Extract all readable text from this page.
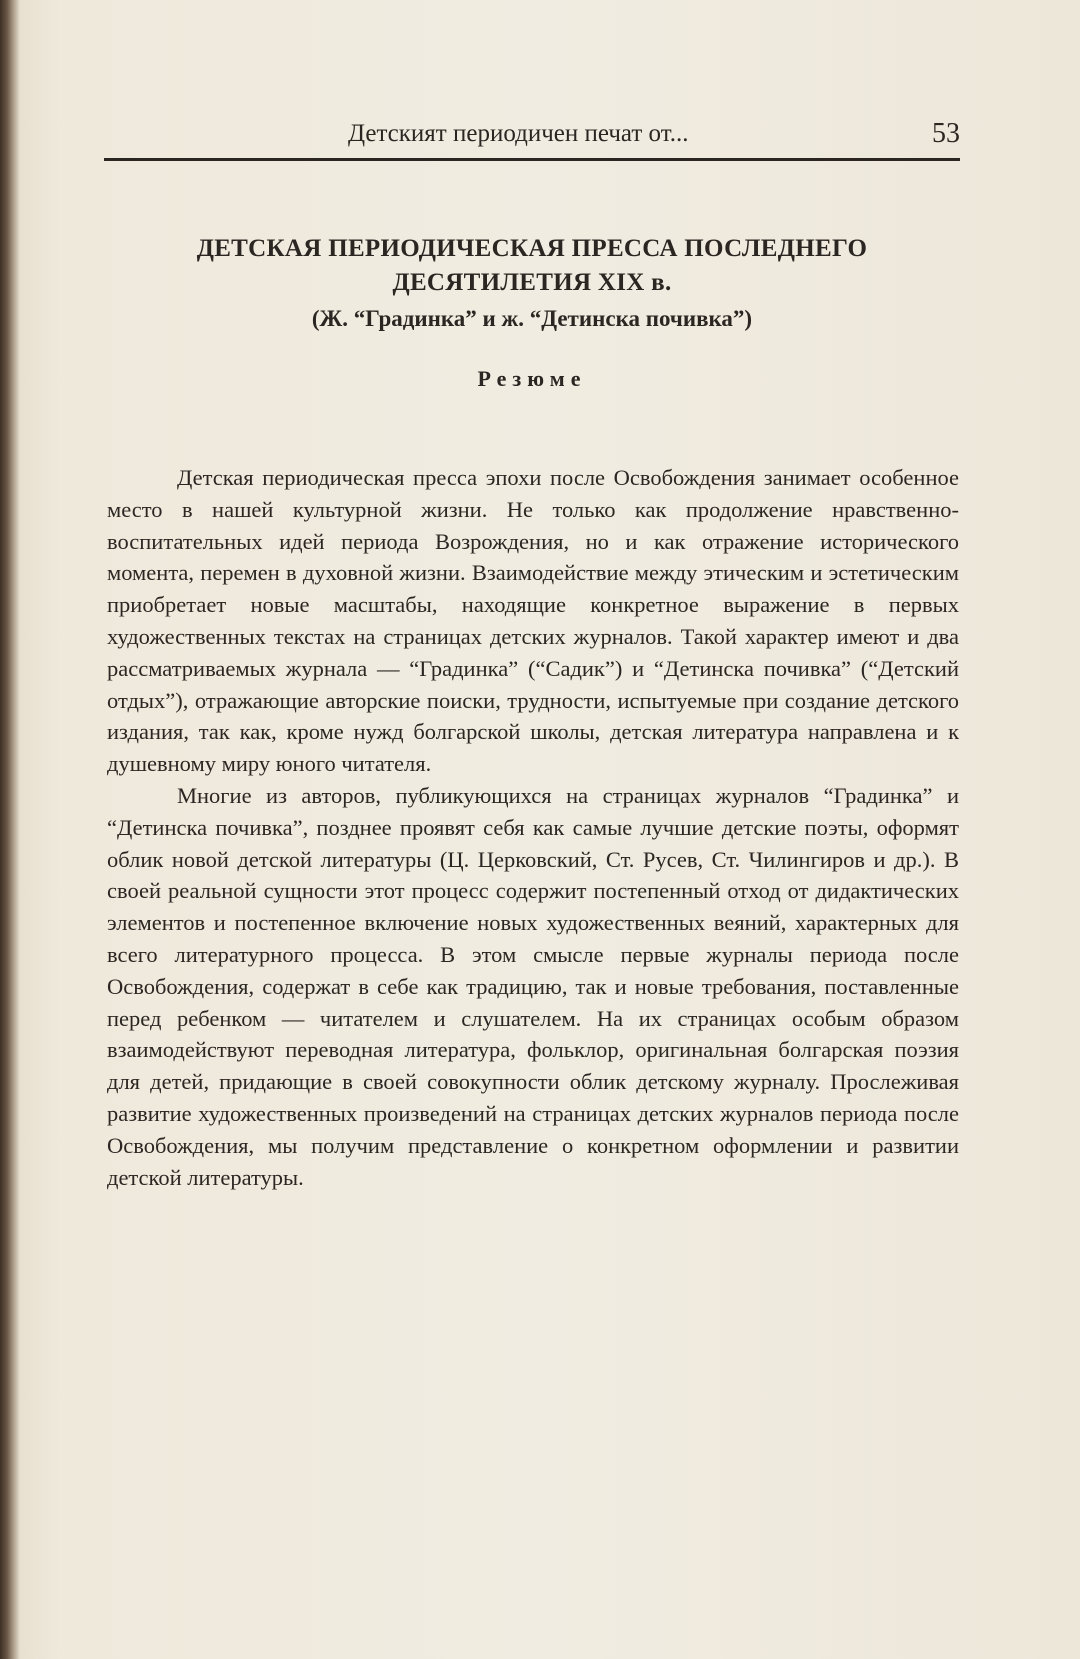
Детският периодичен печат от...	53
ДЕТСКАЯ ПЕРИОДИЧЕСКАЯ ПРЕССА ПОСЛЕДНЕГО
ДЕСЯТИЛЕТИЯ XIX в.
(Ж. “Градинка” и ж. “Детинска почивка”)
Резюме

Детская периодическая пресса эпохи после Освобождения занимает особенное место в нашей культурной жизни. Не только как продолжение нравственно-воспитательных идей периода Возрождения, но и как отражение исторического момента, перемен в духовной жизни. Взаимодействие между этическим и эстетическим приобретает новые масштабы, находящие конкретное выражение в первых художественных текстах на страницах детских журналов. Такой характер имеют и два рассматриваемых журнала — “Градинка” (“Садик”) и “Детинска почивка” (“Детский отдых”), отражающие авторские поиски, трудности, испытуемые при создание детского издания, так как, кроме нужд болгарской школы, детская литература направлена и к душевному миру юного читателя.

Многие из авторов, публикующихся на страницах журналов “Градинка” и “Детинска почивка”, позднее проявят себя как самые лучшие детские поэты, оформят облик новой детской литературы (Ц. Церковский, Ст. Русев, Ст. Чилингиров и др.). В своей реальной сущности этот процесс содержит постепенный отход от дидактических элементов и постепенное включение новых художественных веяний, характерных для всего литературного процесса. В этом смысле первые журналы периода после Освобождения, содержат в себе как традицию, так и новые требования, поставленные перед ребенком — читателем и слушателем. На их страницах особым образом взаимодействуют переводная литература, фольклор, оригинальная болгарская поэзия для детей, придающие в своей совокупности облик детскому журналу. Прослеживая развитие художественных произведений на страницах детских журналов периода после Освобождения, мы получим представление о конкретном оформлении и развитии детской литературы.
